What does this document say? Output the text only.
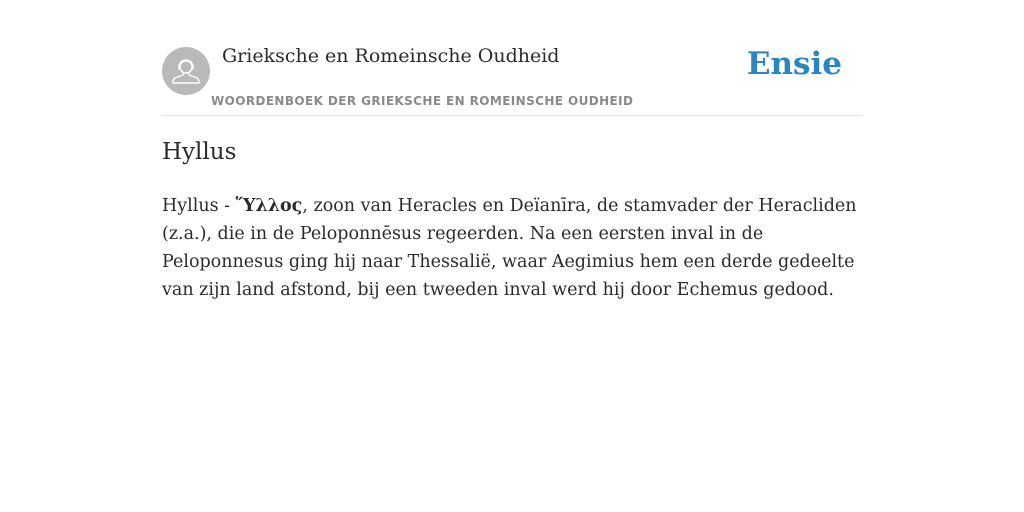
Grieksche en Romeinsche Oudheid
WOORDENBOEK DER GRIEKSCHE EN ROMEINSCHE OUDHEID
Ensie
Hyllus

Hyllus - Ὕλλος, zoon van Heracles en Deïanīra, de stamvader der Heracliden (z.a.), die in de Peloponnēsus regeerden. Na een eersten inval in de Peloponnesus ging hij naar Thessalië, waar Aegimius hem een derde gedeelte van zijn land afstond, bij een tweeden inval werd hij door Echemus gedood.
